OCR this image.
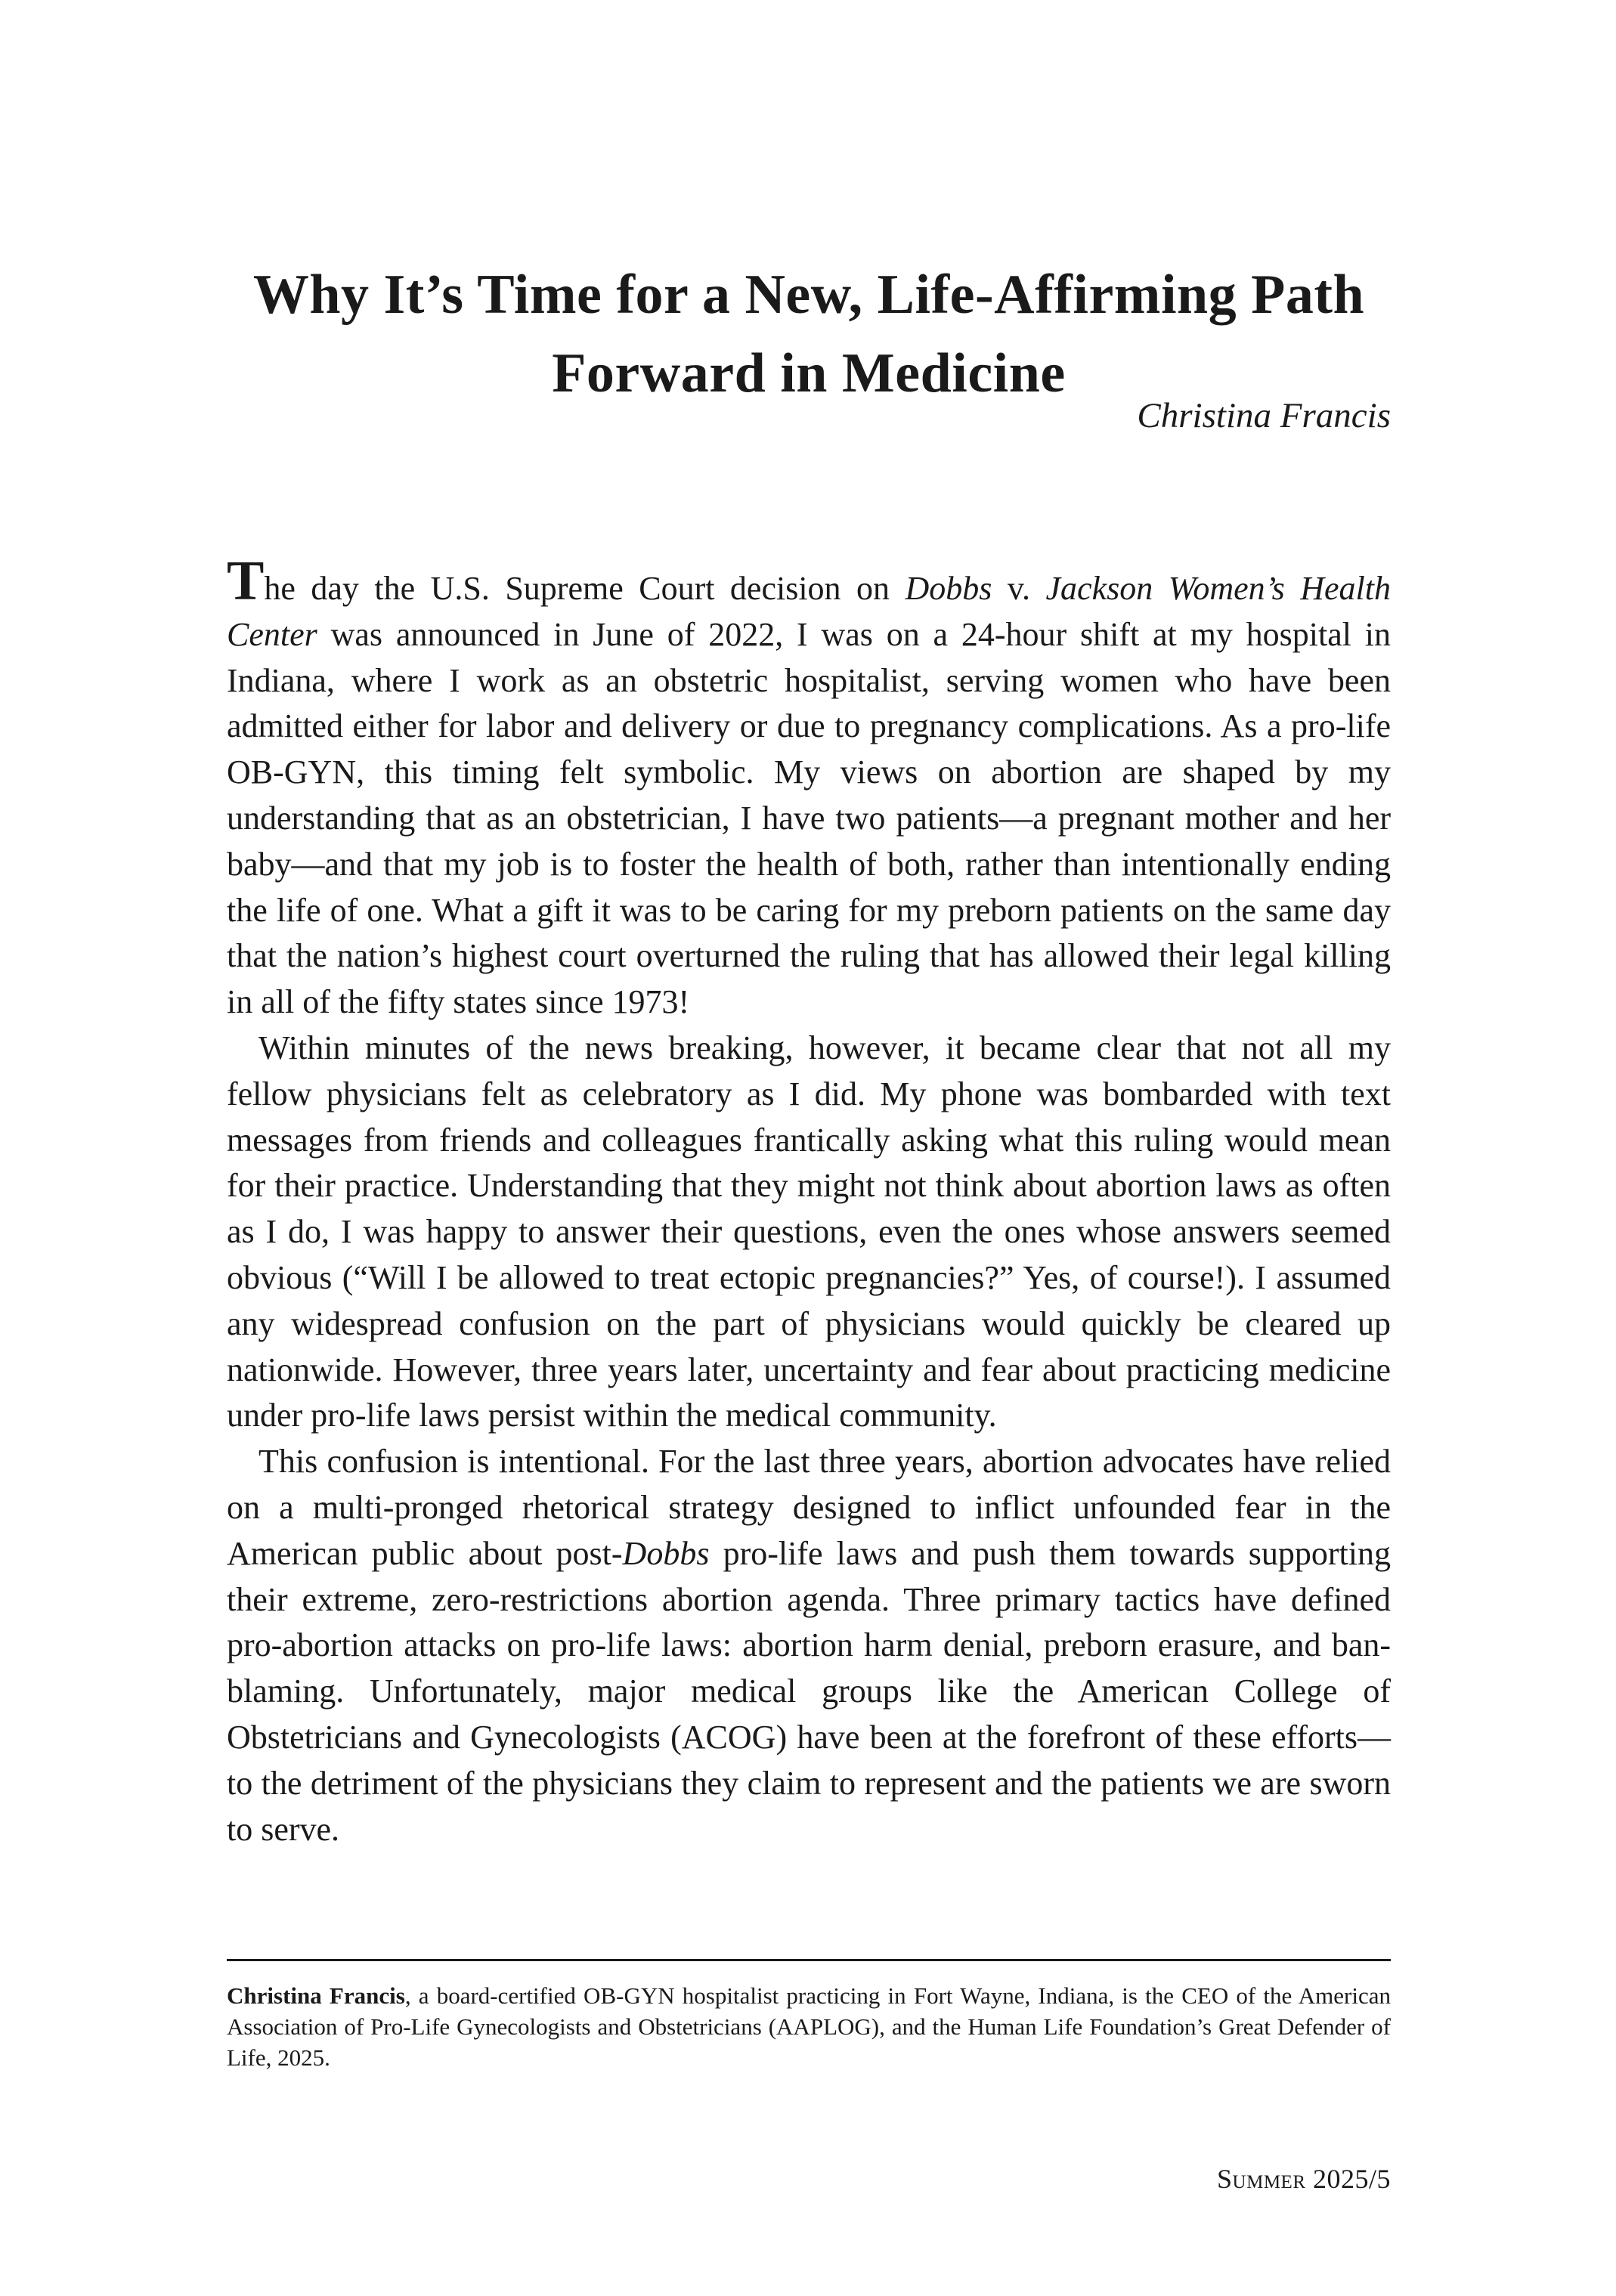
Why It’s Time for a New, Life-Affirming Path
Forward in Medicine
Christina Francis

The day the U.S. Supreme Court decision on Dobbs v. Jackson Women’s Health Center was announced in June of 2022, I was on a 24-hour shift at my hospital in Indiana, where I work as an obstetric hospitalist, serving women who have been admitted either for labor and delivery or due to pregnancy complications. As a pro-life OB-GYN, this timing felt symbolic. My views on abortion are shaped by my understanding that as an obstetrician, I have two patients—a pregnant mother and her baby—and that my job is to foster the health of both, rather than intentionally ending the life of one. What a gift it was to be caring for my preborn patients on the same day that the nation’s highest court overturned the ruling that has allowed their legal killing in all of the fifty states since 1973!

Within minutes of the news breaking, however, it became clear that not all my fellow physicians felt as celebratory as I did. My phone was bombarded with text messages from friends and colleagues frantically asking what this ruling would mean for their practice. Understanding that they might not think about abortion laws as often as I do, I was happy to answer their questions, even the ones whose answers seemed obvious (“Will I be allowed to treat ectopic pregnancies?” Yes, of course!). I assumed any widespread confusion on the part of physicians would quickly be cleared up nationwide. However, three years later, uncertainty and fear about practicing medicine under pro-life laws persist within the medical community.

This confusion is intentional. For the last three years, abortion advocates have relied on a multi-pronged rhetorical strategy designed to inflict unfounded fear in the American public about post-Dobbs pro-life laws and push them towards supporting their extreme, zero-restrictions abortion agenda. Three primary tactics have defined pro-abortion attacks on pro-life laws: abortion harm denial, preborn erasure, and ban-blaming. Unfortunately, major medical groups like the American College of Obstetricians and Gynecologists (ACOG) have been at the forefront of these efforts—to the detriment of the physicians they claim to represent and the patients we are sworn to serve.

Christina Francis, a board-certified OB-GYN hospitalist practicing in Fort Wayne, Indiana, is the CEO of the American Association of Pro-Life Gynecologists and Obstetricians (AAPLOG), and the Human Life Foundation’s Great Defender of Life, 2025.
Summer 2025/5
